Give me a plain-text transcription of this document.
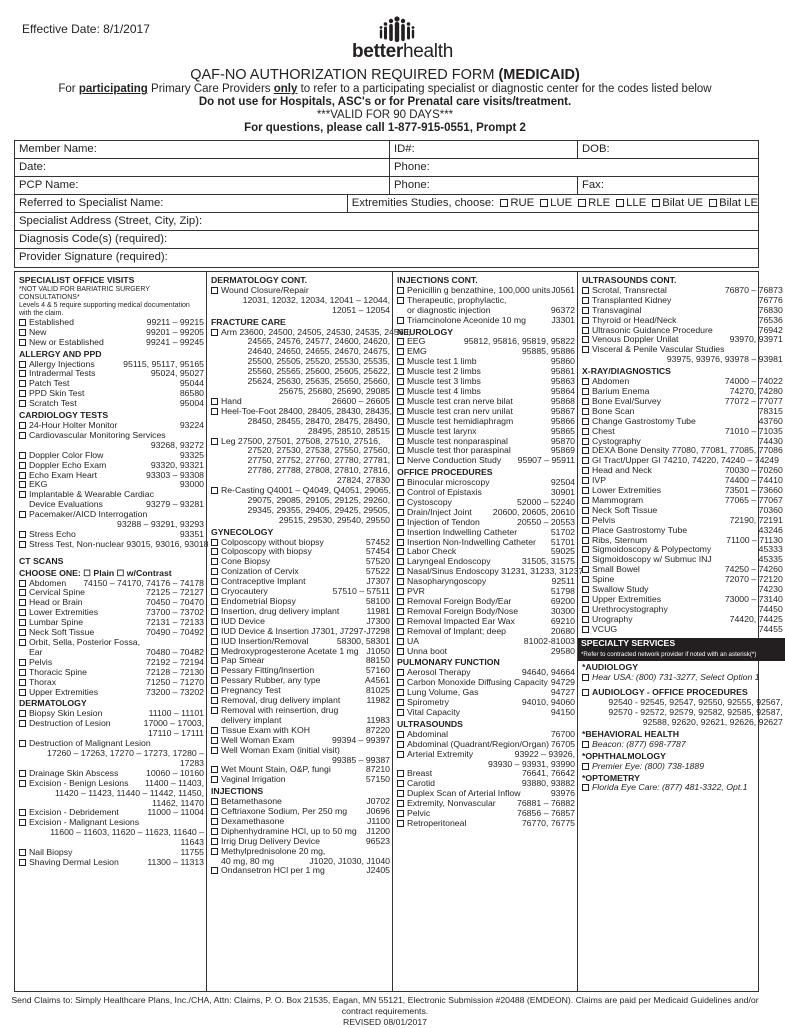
Effective Date: 8/1/2017
betterhealth
QAF-NO AUTHORIZATION REQUIRED FORM (MEDICAID)
For participating Primary Care Providers only to refer to a participating specialist or diagnostic center for the codes listed below
Do not use for Hospitals, ASC's or for Prenatal care visits/treatment.
***VALID FOR 90 DAYS***
For questions, please call 1-877-915-0551, Prompt 2
Member Name:	ID#:	DOB:
Date:	Phone:
PCP Name:	Phone:	Fax:
Referred to Specialist Name:	Extremities Studies, choose: RUE LUE RLE LLE Bilat UE Bilat LE
Specialist Address (Street, City, Zip):
Diagnosis Code(s) (required):
Provider Signature (required):
SPECIALIST OFFICE VISITS
*NOT VALID FOR BARIATRIC SURGERY CONSULTATIONS*
Levels 4 & 5 require supporting medical documentation with the claim.
Established	99211 – 99215
New	99201 – 99205
New or Established	99241 – 99245
ALLERGY AND PPD
Allergy Injections	95115, 95117, 95165
Intradermal Tests	95024, 95027
Patch Test	95044
PPD Skin Test	86580
Scratch Test	95004
CARDIOLOGY TESTS
24-Hour Holter Monitor	93224
Cardiovascular Monitoring Services
93268, 93272
Doppler Color Flow	93325
Doppler Echo Exam	93320, 93321
Echo Exam Heart	93303 – 93308
EKG	93000
Implantable & Wearable Cardiac
Device Evaluations	93279 – 93281
Pacemaker/AICD Interrogation
93288 – 93291, 93293
Stress Echo	93351
Stress Test, Non-nuclear 93015, 93016, 93018
CT SCANS
CHOOSE ONE: ☐ Plain ☐ w/Contrast
Abdomen 74150 – 74170, 74176 – 74178
Cervical Spine	72125 – 72127
Head or Brain	70450 – 70470
Lower Extremities	73700 – 73702
Lumbar Spine	72131 – 72133
Neck Soft Tissue	70490 – 70492
Orbit, Sella, Posterior Fossa,
Ear	70480 – 70482
Pelvis	72192 – 72194
Thoracic Spine	72128 – 72130
Thorax	71250 – 71270
Upper Extremities	73200 – 73202
DERMATOLOGY
Biopsy Skin Lesion	11100 – 11101
Destruction of Lesion	17000 – 17003,
17110 – 17111
Destruction of Malignant Lesion
17260 – 17263, 17270 – 17273, 17280 – 17283
Drainage Skin Abscess	10060 – 10160
Excision - Benign Lesions 11400 – 11403,
11420 – 11423, 11440 – 11442, 11450, 11462, 11470
Excision - Debridement	11000 – 11004
Excision - Malignant Lesions
11600 – 11603, 11620 – 11623, 11640 – 11643
Nail Biopsy	11755
Shaving Dermal Lesion	11300 – 11313
DERMATOLOGY CONT.
Wound Closure/Repair
12031, 12032, 12034, 12041 – 12044, 12051 – 12054
FRACTURE CARE
Arm 23600, 24500, 24505, 24530, 24535, 24560,
24565, 24576, 24577, 24600, 24620, 24640, 24650, 24655, 24670, 24675, 25500, 25505, 25520, 25530, 25535, 25560, 25565, 25600, 25605, 25622, 25624, 25630, 25635, 25650, 25660, 25675, 25680, 25690, 29085
Hand	26600 – 26605
Heel-Toe-Foot 28400, 28405, 28430, 28435,
28450, 28455, 28470, 28475, 28490, 28495, 28510, 28515
Leg 27500, 27501, 27508, 27510, 27516,
27520, 27530, 27538, 27550, 27560, 27750, 27752, 27760, 27780, 27781, 27786, 27788, 27808, 27810, 27816, 27824, 27830
Re-Casting Q4001 – Q4049, Q4051, 29065,
29075, 29085, 29105, 29125, 29260, 29345, 29355, 29405, 29425, 29505, 29515, 29530, 29540, 29550
GYNECOLOGY
Colposcopy without biopsy	57452
Colposcopy with biopsy	57454
Cone Biopsy	57520
Conization of Cervix	57522
Contraceptive Implant	J7307
Cryocautery	57510 – 57511
Endometrial Biopsy	58100
Insertion, drug delivery implant	11981
IUD Device	J7300
IUD Device & Insertion J7301, J7297-J7298
IUD Insertion/Removal	58300, 58301
Medroxyprogesterone Acetate 1 mg J1050
Pap Smear	88150
Pessary Fitting/Insertion	57160
Pessary Rubber, any type	A4561
Pregnancy Test	81025
Removal, drug delivery implant	11982
Removal with reinsertion, drug
delivery implant	11983
Tissue Exam with KOH	87220
Well Woman Exam	99394 – 99397
Well Woman Exam (initial visit)
99385 – 99387
Wet Mount Stain, O&P, fungi	87210
Vaginal Irrigation	57150
INJECTIONS
Betamethasone	J0702
Ceftriaxone Sodium, Per 250 mg J0696
Dexamethasone	J1100
Diphenhydramine HCl, up to 50 mg J1200
Irrig Drug Delivery Device	96523
Methylprednisolone 20 mg,
40 mg, 80 mg	J1020, J1030, J1040
Ondansetron HCl per 1 mg	J2405
INJECTIONS CONT.
Penicillin g benzathine, 100,000 units J0561
Therapeutic, prophylactic,
or diagnostic injection	96372
Triamcinolone Aceonide 10 mg	J3301
NEUROLOGY
EEG	95812, 95816, 95819, 95822
EMG	95885, 95886
Muscle test 1 limb	95860
Muscle test 2 limbs	95861
Muscle test 3 limbs	95863
Muscle test 4 limbs	95864
Muscle test cran nerve bilat	95868
Muscle test cran nerv unilat	95867
Muscle test hemidiaphragm	95866
Muscle test larynx	95865
Muscle test nonparaspinal	95870
Muscle test thor paraspinal	95869
Nerve Conduction Study 95907 – 95911
OFFICE PROCEDURES
Binocular microscopy	92504
Control of Epistaxis	30901
Cystoscopy	52000 – 52240
Drain/Inject Joint 20600, 20605, 20610
Injection of Tendon	20550 – 20553
Insertion Indwelling Catheter	51702
Insertion Non-Indwelling Catheter 51701
Labor Check	59025
Laryngeal Endoscopy	31505, 31575
Nasal/Sinus Endoscopy 31231, 31233, 31237
Nasopharyngoscopy	92511
PVR	51798
Removal Foreign Body/Ear	69200
Removal Foreign Body/Nose	30300
Removal Impacted Ear Wax	69210
Removal of Implant; deep	20680
UA	81002-81003
Unna boot	29580
PULMONARY FUNCTION
Aerosol Therapy	94640, 94664
Carbon Monoxide Diffusing Capacity 94729
Lung Volume, Gas	94727
Spirometry	94010, 94060
Vital Capacity	94150
ULTRASOUNDS
Abdominal	76700
Abdominal (Quadrant/Region/Organ) 76705
Arterial Extremity	93922 – 93926,
93930 – 93931, 93990
Breast	76641, 76642
Carotid	93880, 93882
Duplex Scan of Arterial Inflow	93976
Extremity, Nonvascular 76881 – 76882
Pelvic	76856 – 76857
Retroperitoneal	76770, 76775
ULTRASOUNDS CONT.
Scrotal, Transrectal	76870 – 76873
Transplanted Kidney	76776
Transvaginal	76830
Thyroid or Head/Neck	76536
Ultrasonic Guidance Procedure	76942
Venous Doppler Unilat	93970, 93971
Visceral & Penile Vascular Studies
93975, 93976, 93978 – 93981
X-RAY/DIAGNOSTICS
Abdomen	74000 – 74022
Barium Enema	74270, 74280
Bone Eval/Survey	77072 – 77077
Bone Scan	78315
Change Gastrostomy Tube	43760
Chest	71010 – 71035
Cystography	74430
DEXA Bone Density 77080, 77081, 77085, 77086
GI Tract/Upper GI 74210, 74220, 74240 – 74249
Head and Neck	70030 – 70260
IVP	74400 – 74410
Lower Extremities	73501 – 73660
Mammogram	77065 – 77067
Neck Soft Tissue	70360
Pelvis	72190, 72191
Place Gastrostomy Tube	43246
Ribs, Sternum	71100 – 71130
Sigmoidoscopy & Polypectomy	45333
Sigmoidoscopy w/ Submuc INJ	45335
Small Bowel	74250 – 74260
Spine	72070 – 72120
Swallow Study	74230
Upper Extremities	73000 – 73140
Urethrocystography	74450
Urography	74420, 74425
VCUG	74455
SPECIALTY SERVICES
*Refer to contracted network provider if noted with an asterisk(*)
*AUDIOLOGY
Hear USA: (800) 731-3277, Select Option 1
AUDIOLOGY - OFFICE PROCEDURES
92540 - 92545, 92547, 92550, 92555, 92567, 92570 - 92572, 92579, 92582, 92585, 92587, 92588, 92620, 92621, 92626, 92627
*BEHAVIORAL HEALTH
Beacon: (877) 698-7787
*OPHTHALMOLOGY
Premier Eye: (800) 738-1889
*OPTOMETRY
Florida Eye Care: (877) 481-3322, Opt.1
Send Claims to: Simply Healthcare Plans, Inc./CHA, Attn: Claims, P. O. Box 21535, Eagan, MN 55121, Electronic Submission #20488 (EMDEON). Claims are paid per Medicaid Guidelines and/or contract requirements.
REVISED 08/01/2017
